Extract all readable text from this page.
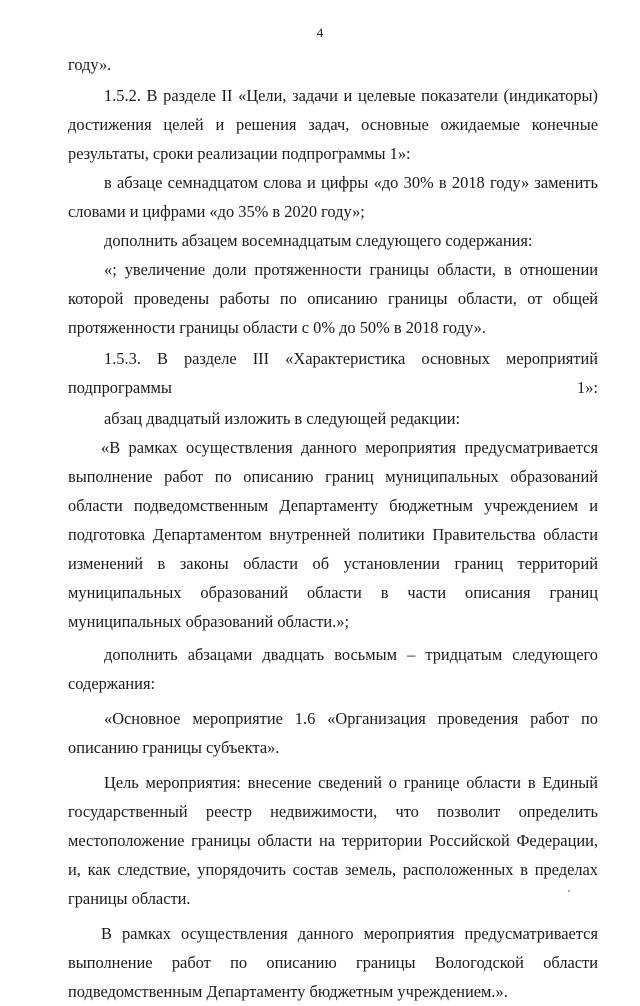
4

году».

1.5.2. В разделе II «Цели, задачи и целевые показатели (индикаторы) достижения целей и решения задач, основные ожидаемые конечные результаты, сроки реализации подпрограммы 1»:

в абзаце семнадцатом слова и цифры «до 30% в 2018 году» заменить словами и цифрами «до 35% в 2020 году»;

дополнить абзацем восемнадцатым следующего содержания:

«; увеличение доли протяженности границы области, в отношении которой проведены работы по описанию границы области, от общей протяженности границы области с 0% до 50% в 2018 году».

1.5.3. В разделе III «Характеристика основных мероприятий подпрограммы 1»:

абзац двадцатый изложить в следующей редакции:

«В рамках осуществления данного мероприятия предусматривается выполнение работ по описанию границ муниципальных образований области подведомственным Департаменту бюджетным учреждением и подготовка Департаментом внутренней политики Правительства области изменений в законы области об установлении границ территорий муниципальных образований области в части описания границ муниципальных образований области.»;

дополнить абзацами двадцать восьмым – тридцатым следующего содержания:

«Основное мероприятие 1.6 «Организация проведения работ по описанию границы субъекта».

Цель мероприятия: внесение сведений о границе области в Единый государственный реестр недвижимости, что позволит определить местоположение границы области на территории Российской Федерации, и, как следствие, упорядочить состав земель, расположенных в пределах границы области.

В рамках осуществления данного мероприятия предусматривается выполнение работ по описанию границы Вологодской области подведомственным Департаменту бюджетным учреждением.».
